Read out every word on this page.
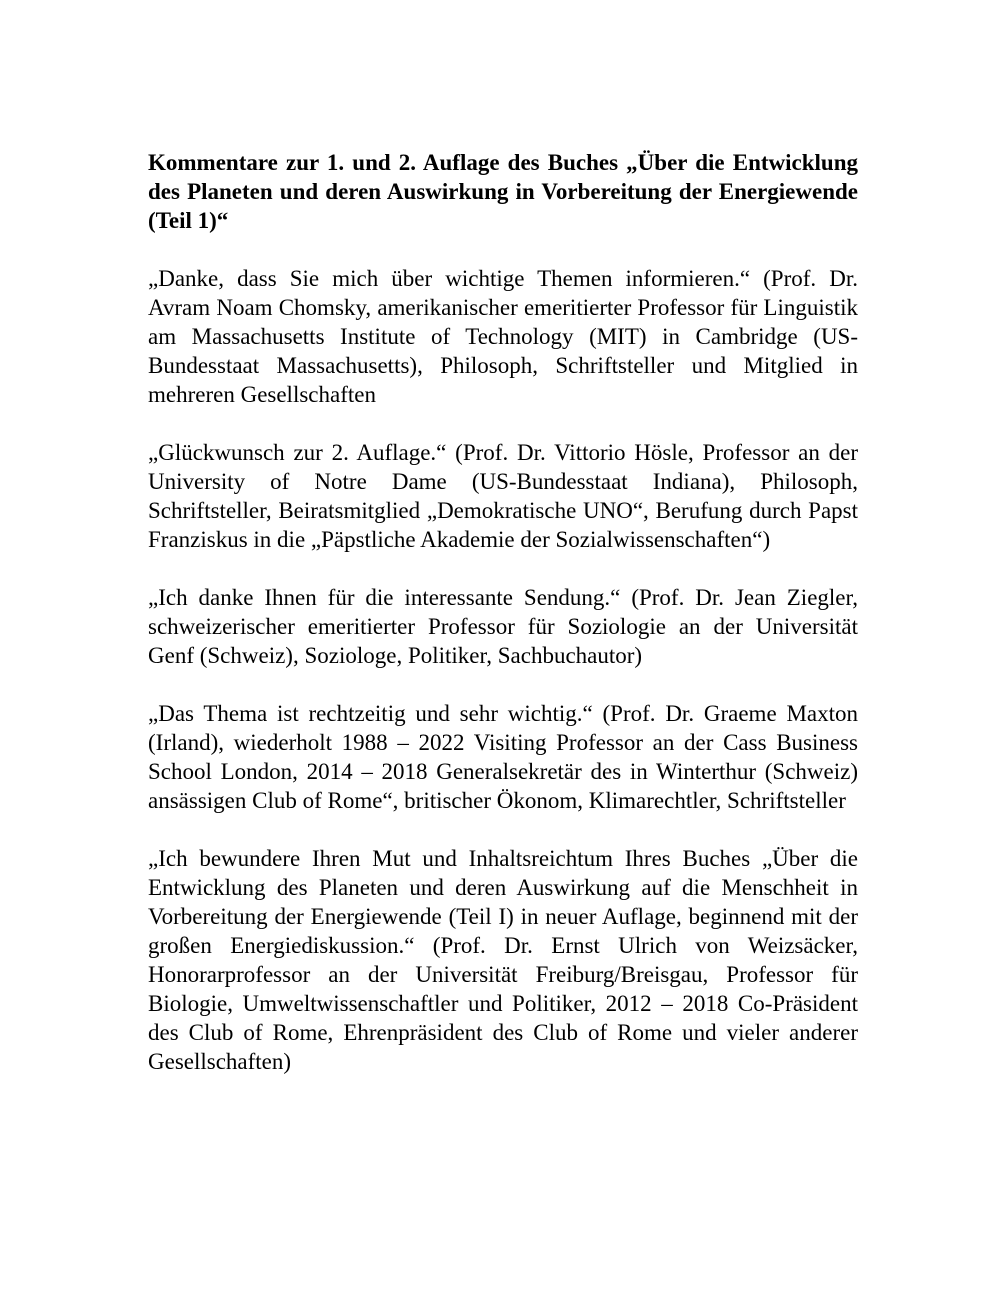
Kommentare zur 1. und 2. Auflage des Buches „Über die Entwicklung des Planeten und deren Auswirkung in Vorbereitung der Energiewende (Teil 1)“

„Danke, dass Sie mich über wichtige Themen informieren.“ (Prof. Dr. Avram Noam Chomsky, amerikanischer emeritierter Professor für Linguistik am Massachusetts Institute of Technology (MIT) in Cambridge (US-Bundesstaat Massachusetts), Philosoph, Schriftsteller und Mitglied in mehreren Gesellschaften

„Glückwunsch zur 2. Auflage.“ (Prof. Dr. Vittorio Hösle, Professor an der University of Notre Dame (US-Bundesstaat Indiana), Philosoph, Schriftsteller, Beiratsmitglied „Demokratische UNO“, Berufung durch Papst Franziskus in die „Päpstliche Akademie der Sozialwissenschaften“)

„Ich danke Ihnen für die interessante Sendung.“ (Prof. Dr. Jean Ziegler, schweizerischer emeritierter Professor für Soziologie an der Universität Genf (Schweiz), Soziologe, Politiker, Sachbuchautor)

„Das Thema ist rechtzeitig und sehr wichtig.“ (Prof. Dr. Graeme Maxton (Irland), wiederholt 1988 – 2022 Visiting Professor an der Cass Business School London, 2014 – 2018 Generalsekretär des in Winterthur (Schweiz) ansässigen Club of Rome“, britischer Ökonom, Klimarechtler, Schriftsteller

„Ich bewundere Ihren Mut und Inhaltsreichtum Ihres Buches „Über die Entwicklung des Planeten und deren Auswirkung auf die Menschheit in Vorbereitung der Energiewende (Teil I) in neuer Auflage, beginnend mit der großen Energiediskussion.“ (Prof. Dr. Ernst Ulrich von Weizsäcker, Honorarprofessor an der Universität Freiburg/Breisgau, Professor für Biologie, Umweltwissenschaftler und Politiker, 2012 – 2018 Co-Präsident des Club of Rome, Ehrenpräsident des Club of Rome und vieler anderer Gesellschaften)
